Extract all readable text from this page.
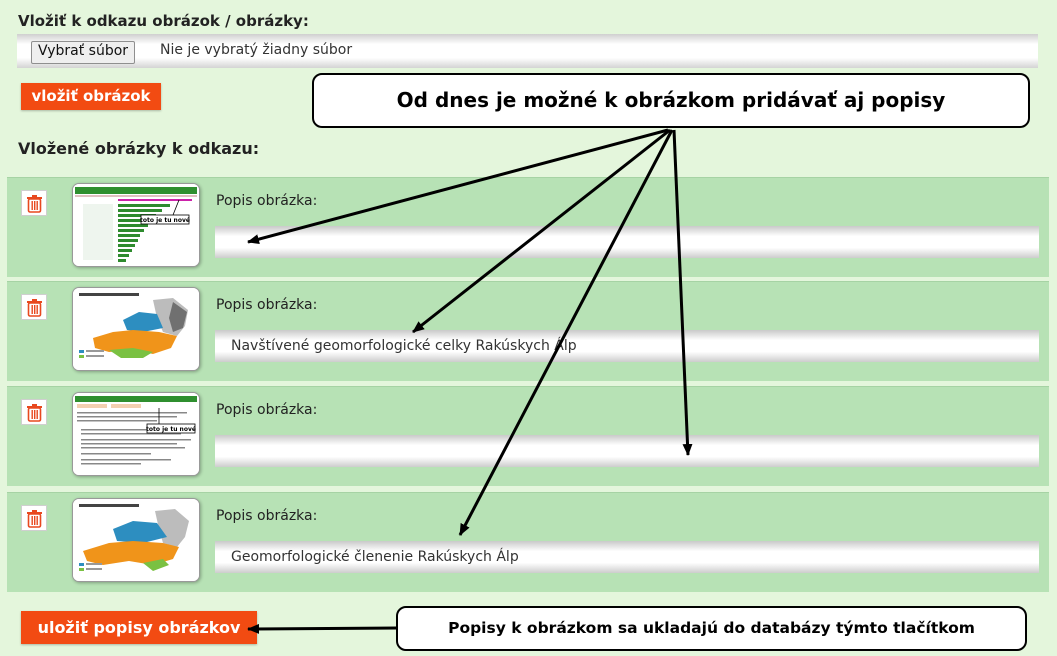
Vložiť k odkazu obrázok / obrázky:
Vybrať súbor	Nie je vybratý žiadny súbor
vložiť obrázok
Vložené obrázky k odkazu:
toto je tu nové
Popis obrázka:
Popis obrázka:
Navštívené geomorfologické celky Rakúskych Álp
toto je tu nové
Popis obrázka:
Popis obrázka:
Geomorfologické členenie Rakúskych Álp
uložiť popisy obrázkov
Od dnes je možné k obrázkom pridávať aj popisy
Popisy k obrázkom sa ukladajú do databázy týmto tlačítkom
